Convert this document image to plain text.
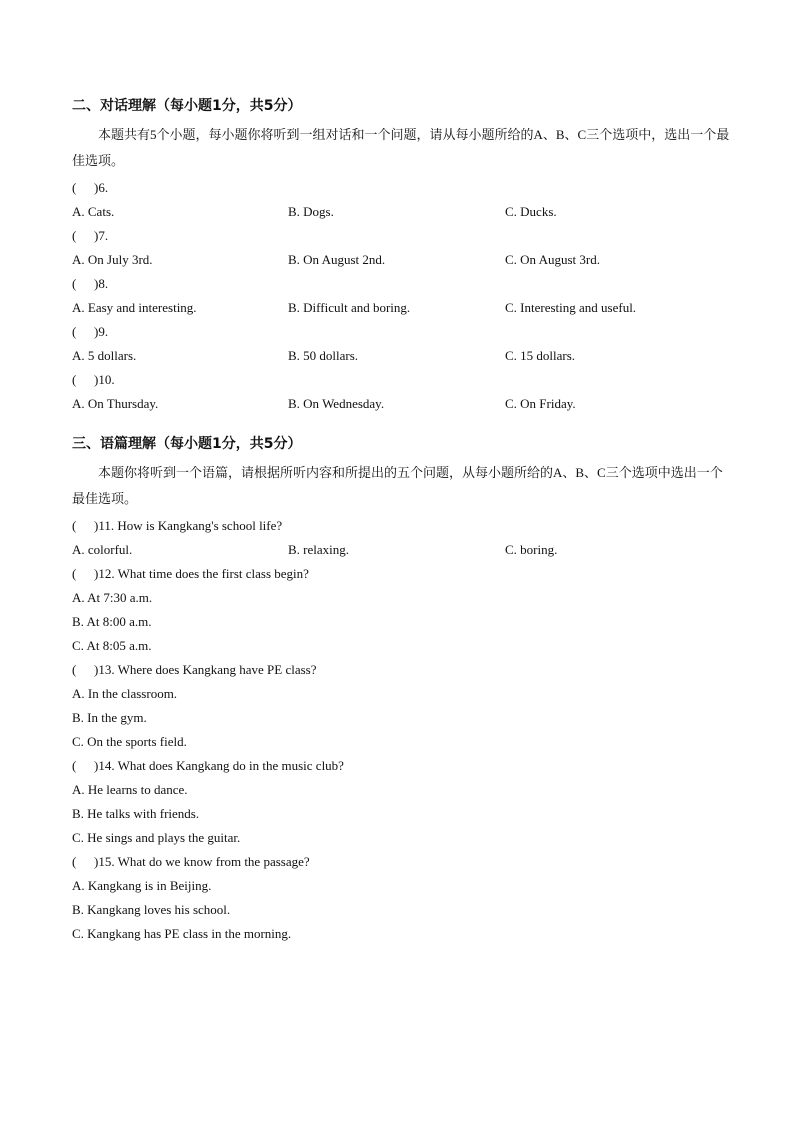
二、对话理解（每小题1分，共5分）
本题共有5个小题，每小题你将听到一组对话和一个问题，请从每小题所给的A、B、C三个选项中，选出一个最佳选项。
( )6.
A. Cats.	B. Dogs.	C. Ducks.
( )7.
A. On July 3rd.	B. On August 2nd.	C. On August 3rd.
( )8.
A. Easy and interesting.	B. Difficult and boring.	C. Interesting and useful.
( )9.
A. 5 dollars.	B. 50 dollars.	C. 15 dollars.
( )10.
A. On Thursday.	B. On Wednesday.	C. On Friday.
三、语篇理解（每小题1分，共5分）
本题你将听到一个语篇，请根据所听内容和所提出的五个问题，从每小题所给的A、B、C三个选项中选出一个最佳选项。
( )11. How is Kangkang's school life?
A. colorful.	B. relaxing.	C. boring.
( )12. What time does the first class begin?
A. At 7:30 a.m.
B. At 8:00 a.m.
C. At 8:05 a.m.
( )13. Where does Kangkang have PE class?
A. In the classroom.
B. In the gym.
C. On the sports field.
( )14. What does Kangkang do in the music club?
A. He learns to dance.
B. He talks with friends.
C. He sings and plays the guitar.
( )15. What do we know from the passage?
A. Kangkang is in Beijing.
B. Kangkang loves his school.
C. Kangkang has PE class in the morning.
